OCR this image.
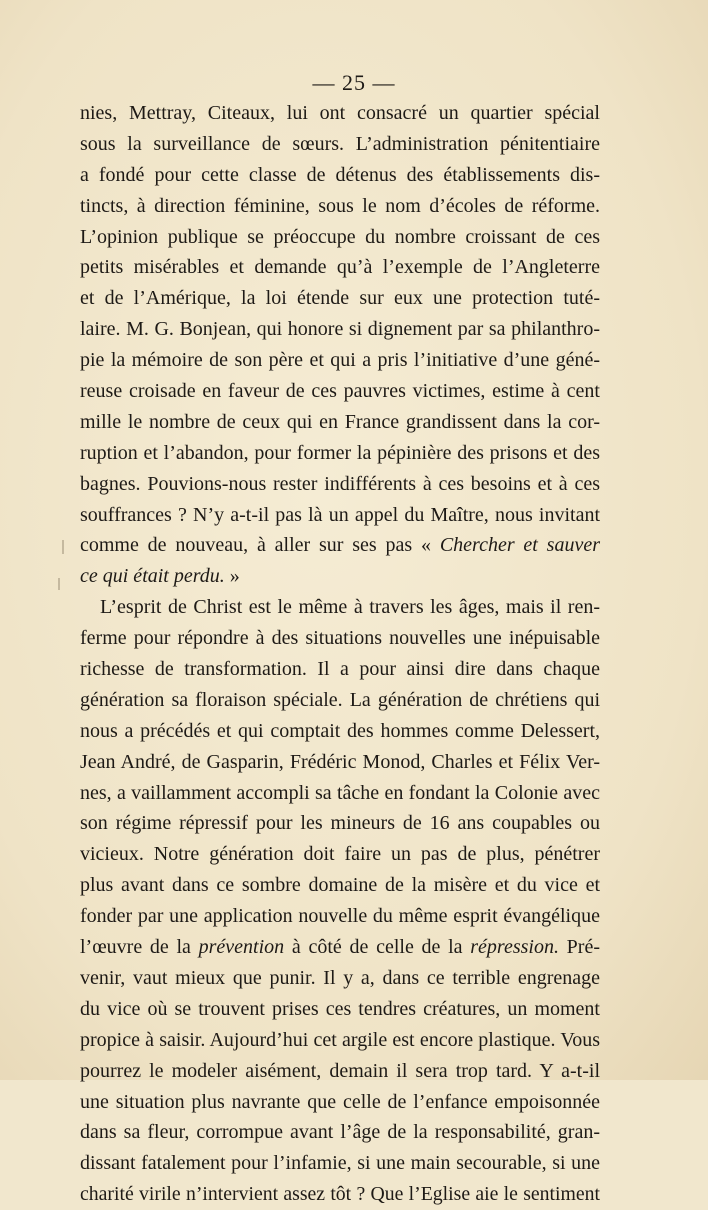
— 25 —
nies, Mettray, Citeaux, lui ont consacré un quartier spécial
sous la surveillance de sœurs. L’administration pénitentiaire
a fondé pour cette classe de détenus des établissements dis-
tincts, à direction féminine, sous le nom d’écoles de réforme.
L’opinion publique se préoccupe du nombre croissant de ces
petits misérables et demande qu’à l’exemple de l’Angleterre
et de l’Amérique, la loi étende sur eux une protection tuté-
laire. M. G. Bonjean, qui honore si dignement par sa philanthro-
pie la mémoire de son père et qui a pris l’initiative d’une géné-
reuse croisade en faveur de ces pauvres victimes, estime à cent
mille le nombre de ceux qui en France grandissent dans la cor-
ruption et l’abandon, pour former la pépinière des prisons et des
bagnes. Pouvions-nous rester indifférents à ces besoins et à ces
souffrances ? N’y a-t-il pas là un appel du Maître, nous invitant
comme de nouveau, à aller sur ses pas « Chercher et sauver
ce qui était perdu. »
L’esprit de Christ est le même à travers les âges, mais il ren-
ferme pour répondre à des situations nouvelles une inépuisable
richesse de transformation. Il a pour ainsi dire dans chaque
génération sa floraison spéciale. La génération de chrétiens qui
nous a précédés et qui comptait des hommes comme Delessert,
Jean André, de Gasparin, Frédéric Monod, Charles et Félix Ver-
nes, a vaillamment accompli sa tâche en fondant la Colonie avec
son régime répressif pour les mineurs de 16 ans coupables ou
vicieux. Notre génération doit faire un pas de plus, pénétrer
plus avant dans ce sombre domaine de la misère et du vice et
fonder par une application nouvelle du même esprit évangélique
l’œuvre de la prévention à côté de celle de la répression. Pré-
venir, vaut mieux que punir. Il y a, dans ce terrible engrenage
du vice où se trouvent prises ces tendres créatures, un moment
propice à saisir. Aujourd’hui cet argile est encore plastique. Vous
pourrez le modeler aisément, demain il sera trop tard. Y a-t-il
une situation plus navrante que celle de l’enfance empoisonnée
dans sa fleur, corrompue avant l’âge de la responsabilité, gran-
dissant fatalement pour l’infamie, si une main secourable, si une
charité virile n’intervient assez tôt ? Que l’Eglise aie le sentiment
